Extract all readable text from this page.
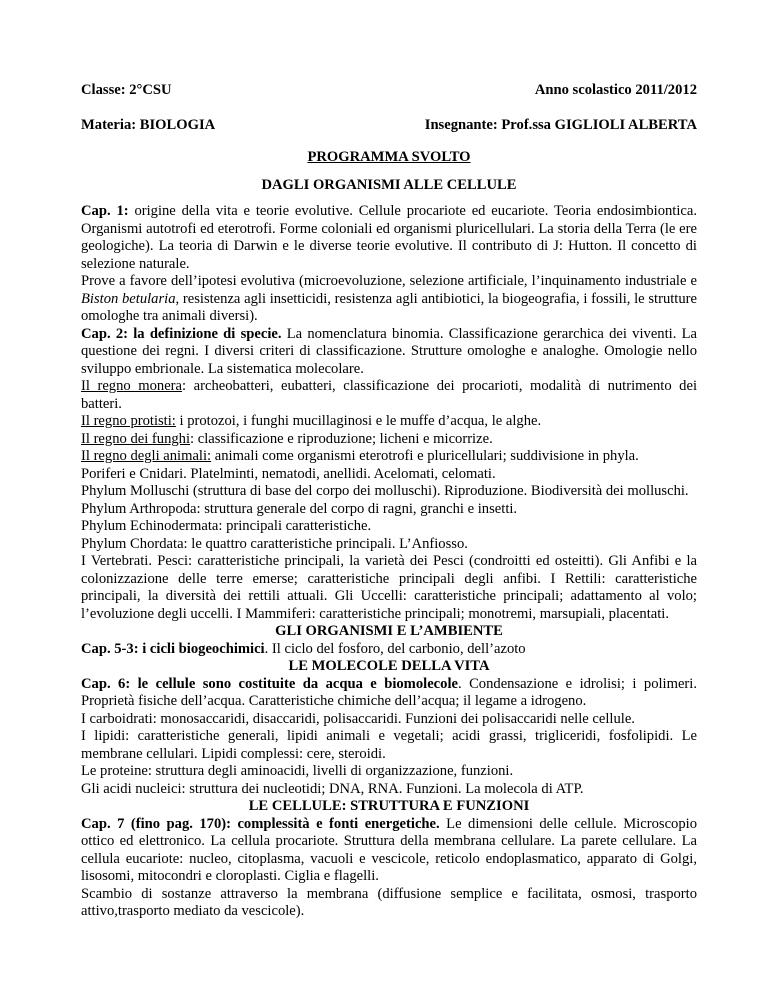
Classe: 2°CSU	Anno scolastico 2011/2012
Materia: BIOLOGIA	Insegnante: Prof.ssa GIGLIOLI ALBERTA
PROGRAMMA SVOLTO
DAGLI ORGANISMI ALLE CELLULE

Cap. 1: origine della vita e teorie evolutive. Cellule procariote ed eucariote. Teoria endosimbiontica. Organismi autotrofi ed eterotrofi. Forme coloniali ed organismi pluricellulari. La storia della Terra (le ere geologiche). La teoria di Darwin e le diverse teorie evolutive. Il contributo di J: Hutton. Il concetto di selezione naturale.

Prove a favore dell’ipotesi evolutiva (microevoluzione, selezione artificiale, l’inquinamento industriale e Biston betularia, resistenza agli insetticidi, resistenza agli antibiotici, la biogeografia, i fossili, le strutture omologhe tra animali diversi).

Cap. 2: la definizione di specie. La nomenclatura binomia. Classificazione gerarchica dei viventi. La questione dei regni. I diversi criteri di classificazione. Strutture omologhe e analoghe. Omologie nello sviluppo embrionale. La sistematica molecolare.

Il regno monera: archeobatteri, eubatteri, classificazione dei procarioti, modalità di nutrimento dei batteri.

Il regno protisti: i protozoi, i funghi mucillaginosi e le muffe d’acqua, le alghe.

Il regno dei funghi: classificazione e riproduzione; licheni e micorrize.

Il regno degli animali: animali come organismi eterotrofi e pluricellulari; suddivisione in phyla.

Poriferi e Cnidari. Platelminti, nematodi, anellidi. Acelomati, celomati.

Phylum Molluschi (struttura di base del corpo dei molluschi). Riproduzione. Biodiversità dei molluschi.

Phylum Arthropoda: struttura generale del corpo di ragni, granchi e insetti.

Phylum Echinodermata: principali caratteristiche.

Phylum Chordata: le quattro caratteristiche principali. L’Anfiosso.

I Vertebrati. Pesci: caratteristiche principali, la varietà dei Pesci (condroitti ed osteitti). Gli Anfibi e la colonizzazione delle terre emerse; caratteristiche principali degli anfibi. I Rettili: caratteristiche principali, la diversità dei rettili attuali. Gli Uccelli: caratteristiche principali; adattamento al volo; l’evoluzione degli uccelli. I Mammiferi: caratteristiche principali; monotremi, marsupiali, placentati.

GLI ORGANISMI E L’AMBIENTE

Cap. 5-3: i cicli biogeochimici. Il ciclo del fosforo, del carbonio, dell’azoto

LE MOLECOLE DELLA VITA

Cap. 6: le cellule sono costituite da acqua e biomolecole. Condensazione e idrolisi; i polimeri. Proprietà fisiche dell’acqua. Caratteristiche chimiche dell’acqua; il legame a idrogeno.

I carboidrati: monosaccaridi, disaccaridi, polisaccaridi. Funzioni dei polisaccaridi nelle cellule.

I lipidi: caratteristiche generali, lipidi animali e vegetali; acidi grassi, trigliceridi, fosfolipidi. Le membrane cellulari. Lipidi complessi: cere, steroidi.

Le proteine: struttura degli aminoacidi, livelli di organizzazione, funzioni.

Gli acidi nucleici: struttura dei nucleotidi; DNA, RNA. Funzioni. La molecola di ATP.

LE CELLULE: STRUTTURA E FUNZIONI

Cap. 7 (fino pag. 170): complessità e fonti energetiche. Le dimensioni delle cellule. Microscopio ottico ed elettronico. La cellula procariote. Struttura della membrana cellulare. La parete cellulare. La cellula eucariote: nucleo, citoplasma, vacuoli e vescicole, reticolo endoplasmatico, apparato di Golgi, lisosomi, mitocondri e cloroplasti. Ciglia e flagelli.

Scambio di sostanze attraverso la membrana (diffusione semplice e facilitata, osmosi, trasporto attivo,trasporto mediato da vescicole).
